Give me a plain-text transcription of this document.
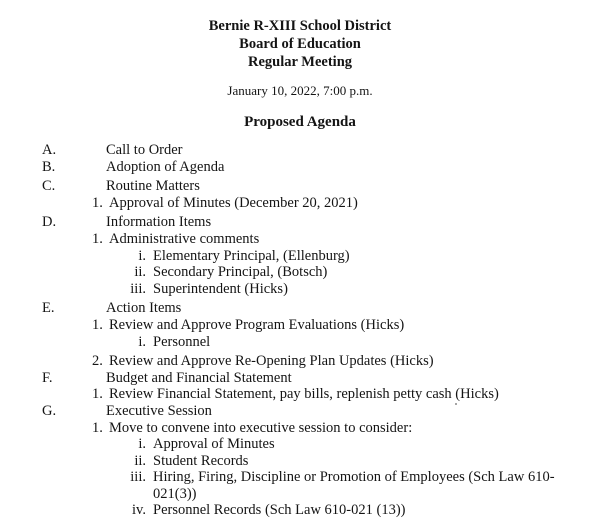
Bernie R-XIII School District
Board of Education
Regular Meeting
January 10, 2022, 7:00 p.m.
Proposed Agenda
A.	Call to Order
B.	Adoption of Agenda
C.	Routine Matters
1. Approval of Minutes (December 20, 2021)
D.	Information Items
1. Administrative comments
i. Elementary Principal, (Ellenburg)
ii. Secondary Principal, (Botsch)
iii. Superintendent (Hicks)
E.	Action Items
1. Review and Approve Program Evaluations (Hicks)
i. Personnel
2. Review and Approve Re-Opening Plan Updates (Hicks)
F.	Budget and Financial Statement
1. Review Financial Statement, pay bills, replenish petty cash (Hicks)
G.	Executive Session
1. Move to convene into executive session to consider:
i. Approval of Minutes
ii. Student Records
iii. Hiring, Firing, Discipline or Promotion of Employees (Sch Law 610-
021(3))
iv. Personnel Records (Sch Law 610-021 (13))
